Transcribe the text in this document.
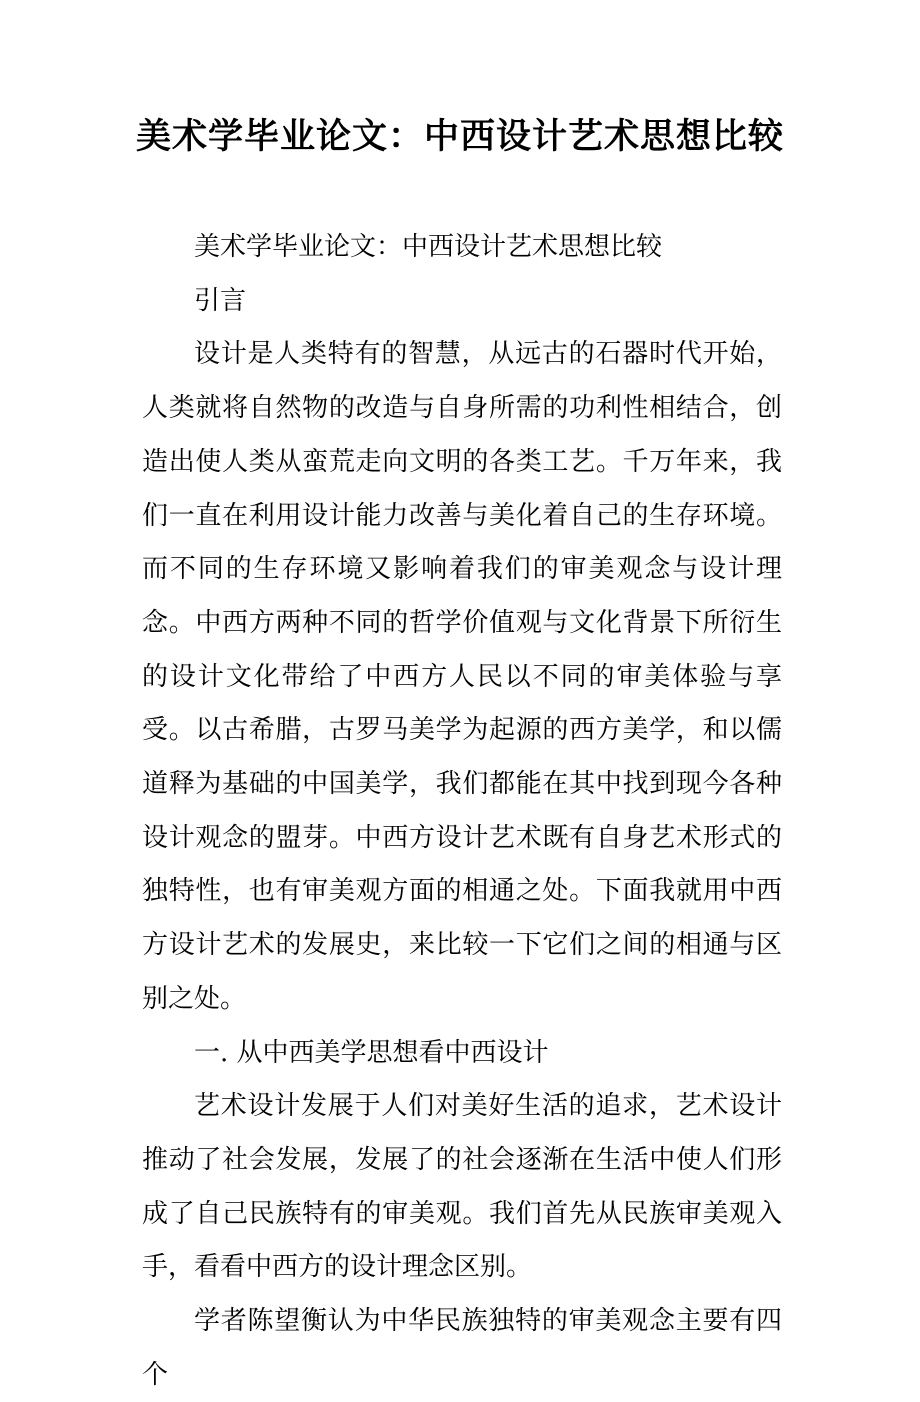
美术学毕业论文：中西设计艺术思想比较

美术学毕业论文：中西设计艺术思想比较

引言

设计是人类特有的智慧，从远古的石器时代开始，人类就将自然物的改造与自身所需的功利性相结合，创造出使人类从蛮荒走向文明的各类工艺。千万年来，我们一直在利用设计能力改善与美化着自己的生存环境。而不同的生存环境又影响着我们的审美观念与设计理念。中西方两种不同的哲学价值观与文化背景下所衍生的设计文化带给了中西方人民以不同的审美体验与享受。以古希腊，古罗马美学为起源的西方美学，和以儒道释为基础的中国美学，我们都能在其中找到现今各种设计观念的盟芽。中西方设计艺术既有自身艺术形式的独特性，也有审美观方面的相通之处。下面我就用中西方设计艺术的发展史，来比较一下它们之间的相通与区别之处。

一. 从中西美学思想看中西设计

艺术设计发展于人们对美好生活的追求，艺术设计推动了社会发展，发展了的社会逐渐在生活中使人们形成了自己民族特有的审美观。我们首先从民族审美观入手，看看中西方的设计理念区别。

学者陈望衡认为中华民族独特的审美观念主要有四个
